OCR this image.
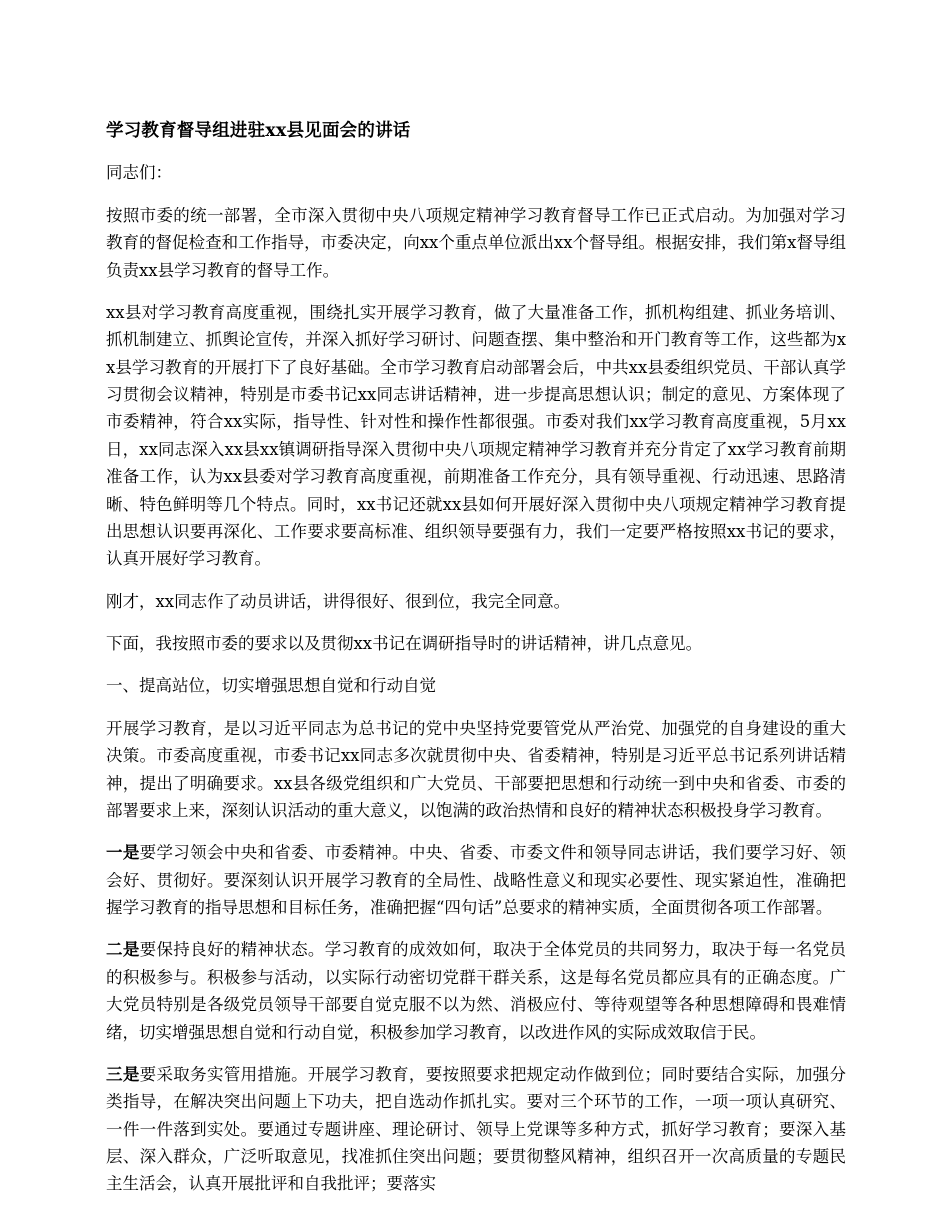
学习教育督导组进驻xx县见面会的讲话

同志们：

按照市委的统一部署，全市深入贯彻中央八项规定精神学习教育督导工作已正式启动。为加强对学习教育的督促检查和工作指导，市委决定，向xx个重点单位派出xx个督导组。根据安排，我们第x督导组负责xx县学习教育的督导工作。

xx县对学习教育高度重视，围绕扎实开展学习教育，做了大量准备工作，抓机构组建、抓业务培训、抓机制建立、抓舆论宣传，并深入抓好学习研讨、问题查摆、集中整治和开门教育等工作，这些都为xx县学习教育的开展打下了良好基础。全市学习教育启动部署会后，中共xx县委组织党员、干部认真学习贯彻会议精神，特别是市委书记xx同志讲话精神，进一步提高思想认识；制定的意见、方案体现了市委精神，符合xx实际，指导性、针对性和操作性都很强。市委对我们xx学习教育高度重视，5月xx日，xx同志深入xx县xx镇调研指导深入贯彻中央八项规定精神学习教育并充分肯定了xx学习教育前期准备工作，认为xx县委对学习教育高度重视，前期准备工作充分，具有领导重视、行动迅速、思路清晰、特色鲜明等几个特点。同时，xx书记还就xx县如何开展好深入贯彻中央八项规定精神学习教育提出思想认识要再深化、工作要求要高标准、组织领导要强有力，我们一定要严格按照xx书记的要求，认真开展好学习教育。

刚才，xx同志作了动员讲话，讲得很好、很到位，我完全同意。

下面，我按照市委的要求以及贯彻xx书记在调研指导时的讲话精神，讲几点意见。

一、提高站位，切实增强思想自觉和行动自觉

开展学习教育，是以习近平同志为总书记的党中央坚持党要管党从严治党、加强党的自身建设的重大决策。市委高度重视，市委书记xx同志多次就贯彻中央、省委精神，特别是习近平总书记系列讲话精神，提出了明确要求。xx县各级党组织和广大党员、干部要把思想和行动统一到中央和省委、市委的部署要求上来，深刻认识活动的重大意义，以饱满的政治热情和良好的精神状态积极投身学习教育。

一是要学习领会中央和省委、市委精神。中央、省委、市委文件和领导同志讲话，我们要学习好、领会好、贯彻好。要深刻认识开展学习教育的全局性、战略性意义和现实必要性、现实紧迫性，准确把握学习教育的指导思想和目标任务，准确把握“四句话”总要求的精神实质，全面贯彻各项工作部署。

二是要保持良好的精神状态。学习教育的成效如何，取决于全体党员的共同努力，取决于每一名党员的积极参与。积极参与活动，以实际行动密切党群干群关系，这是每名党员都应具有的正确态度。广大党员特别是各级党员领导干部要自觉克服不以为然、消极应付、等待观望等各种思想障碍和畏难情绪，切实增强思想自觉和行动自觉，积极参加学习教育，以改进作风的实际成效取信于民。

三是要采取务实管用措施。开展学习教育，要按照要求把规定动作做到位；同时要结合实际，加强分类指导，在解决突出问题上下功夫，把自选动作抓扎实。要对三个环节的工作，一项一项认真研究、一件一件落到实处。要通过专题讲座、理论研讨、领导上党课等多种方式，抓好学习教育；要深入基层、深入群众，广泛听取意见，找准抓住突出问题；要贯彻整风精神，组织召开一次高质量的专题民主生活会，认真开展批评和自我批评；要落实
